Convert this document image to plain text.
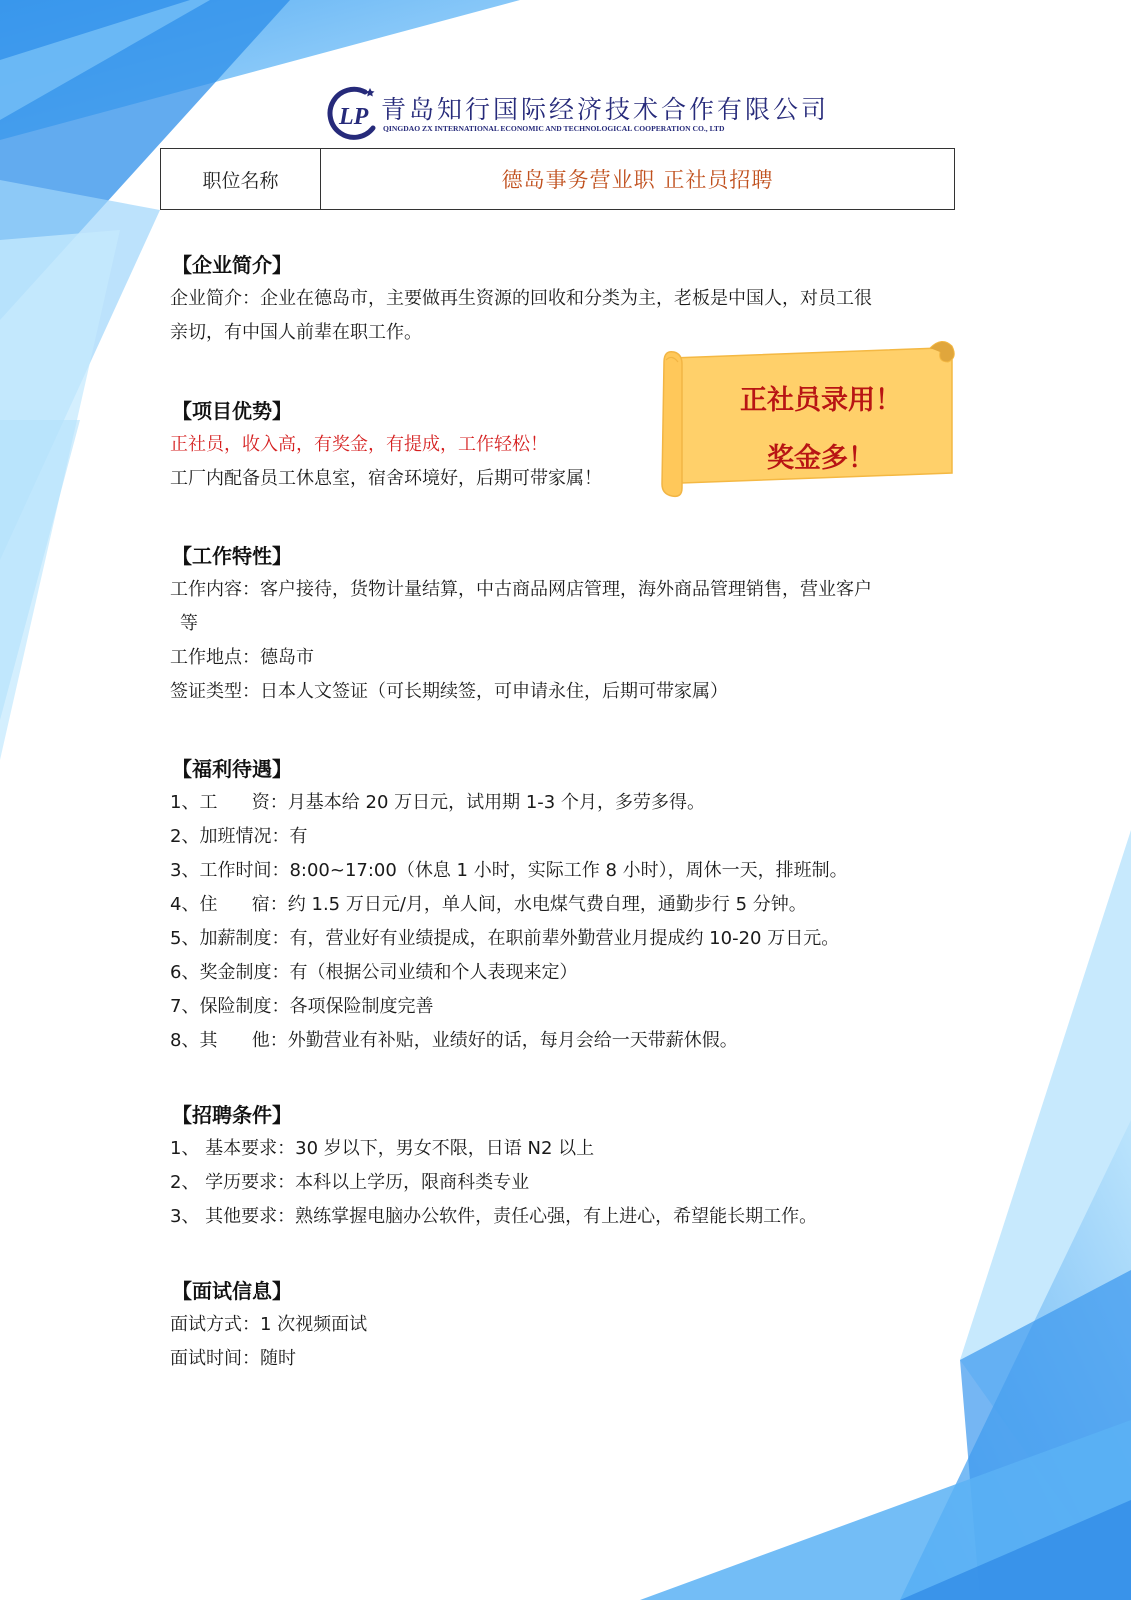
LP 青岛知行国际经济技术合作有限公司
QINGDAO ZX INTERNATIONAL ECONOMIC AND TECHNOLOGICAL COOPERATION CO., LTD
职位名称	德岛事务营业职 正社员招聘
正社员录用！
奖金多！
【企业简介】
企业简介：企业在德岛市，主要做再生资源的回收和分类为主，老板是中国人，对员工很
亲切，有中国人前辈在职工作。
【项目优势】
正社员，收入高，有奖金，有提成，工作轻松！
工厂内配备员工休息室，宿舍环境好，后期可带家属！
【工作特性】
工作内容：客户接待，货物计量结算，中古商品网店管理，海外商品管理销售，营业客户
等
工作地点：德岛市
签证类型：日本人文签证（可长期续签，可申请永住，后期可带家属）
【福利待遇】
1、工      资：月基本给 20 万日元，试用期 1-3 个月，多劳多得。
2、加班情况：有
3、工作时间：8:00~17:00（休息 1 小时，实际工作 8 小时），周休一天，排班制。
4、住      宿：约 1.5 万日元/月，单人间，水电煤气费自理，通勤步行 5 分钟。
5、加薪制度：有，营业好有业绩提成，在职前辈外勤营业月提成约 10-20 万日元。
6、奖金制度：有（根据公司业绩和个人表现来定）
7、保险制度：各项保险制度完善
8、其      他：外勤营业有补贴，业绩好的话，每月会给一天带薪休假。
【招聘条件】
1、 基本要求：30 岁以下，男女不限，日语 N2 以上
2、 学历要求：本科以上学历，限商科类专业
3、 其他要求：熟练掌握电脑办公软件，责任心强，有上进心，希望能长期工作。
【面试信息】
面试方式：1 次视频面试
面试时间：随时
